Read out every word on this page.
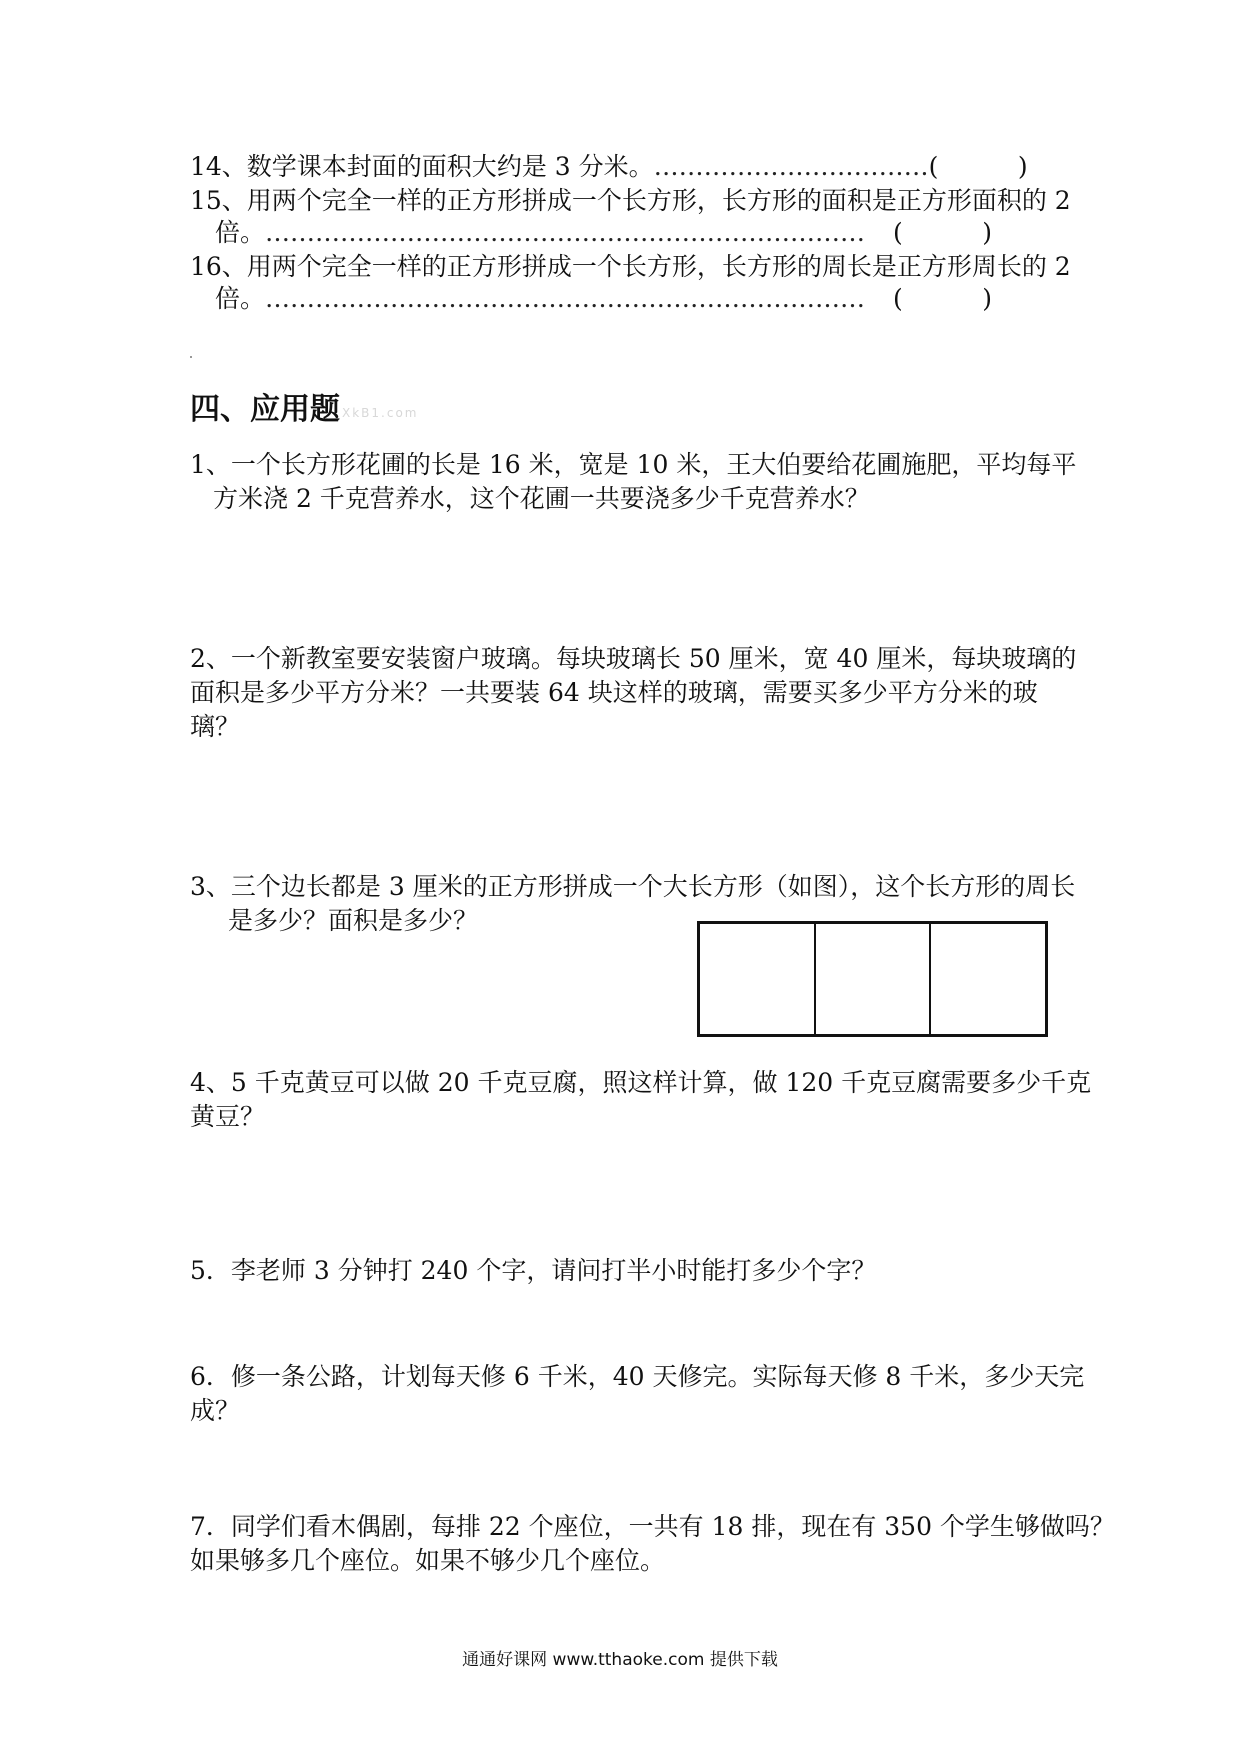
14、数学课本封面的面积大约是 3 分米。 …………………………… (          )
15、用两个完全一样的正方形拼成一个长方形，长方形的面积是正方形面积的 2
倍。 ……………………………………………………………… (          )
16、用两个完全一样的正方形拼成一个长方形，长方形的周长是正方形周长的 2
倍。 ……………………………………………………………… (          )
四、应用题 XkB1.com
1、一个长方形花圃的长是 16 米，宽是 10 米，王大伯要给花圃施肥，平均每平
方米浇 2 千克营养水，这个花圃一共要浇多少千克营养水？
2、一个新教室要安装窗户玻璃。每块玻璃长 50 厘米，宽 40 厘米，每块玻璃的
面积是多少平方分米？一共要装 64 块这样的玻璃，需要买多少平方分米的玻
璃？
3、三个边长都是 3 厘米的正方形拼成一个大长方形（如图），这个长方形的周长
是多少？面积是多少？
4、5 千克黄豆可以做 20 千克豆腐，照这样计算，做 120 千克豆腐需要多少千克
黄豆？
5．李老师 3 分钟打 240 个字，请问打半小时能打多少个字？
6．修一条公路，计划每天修 6 千米，40 天修完。实际每天修 8 千米，多少天完
成？
7．同学们看木偶剧，每排 22 个座位，一共有 18 排，现在有 350 个学生够做吗？
如果够多几个座位。如果不够少几个座位。
通通好课网 www.tthaoke.com 提供下载
